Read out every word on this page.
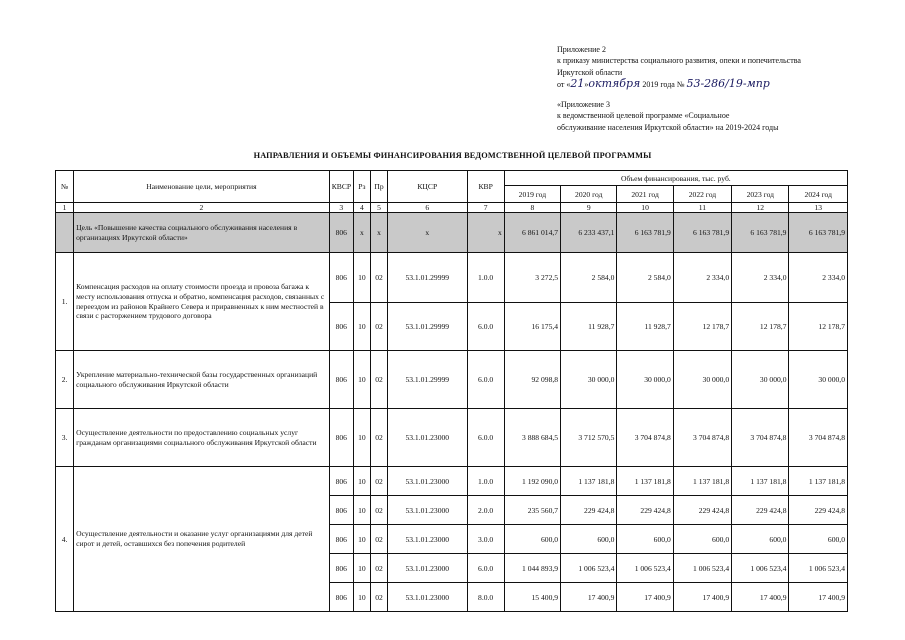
Приложение 2
к приказу министерства социального развития, опеки и попечительства
Иркутской области
от «21»октября 2019 года № 53-286/19-мпр
«Приложение 3
к ведомственной целевой программе «Социальное
обслуживание населения Иркутской области» на 2019-2024 годы
НАПРАВЛЕНИЯ И ОБЪЕМЫ ФИНАНСИРОВАНИЯ ВЕДОМСТВЕННОЙ ЦЕЛЕВОЙ ПРОГРАММЫ
№	Наименование цели, мероприятия	КВСР	Рз	Пр	КЦСР	КВР	Объем финансирования, тыс. руб.					
							2019 год	2020 год	2021 год	2022 год	2023 год	2024 год
1	2	3	4	5	6	7	8	9	10	11	12	13
	Цель «Повышение качества социального обслуживания населения в организациях Иркутской области»	806	х	х	х	х	6 861 014,7	6 233 437,1	6 163 781,9	6 163 781,9	6 163 781,9	6 163 781,9
1.	Компенсация расходов на оплату стоимости проезда и провоза багажа к месту использования отпуска и обратно, компенсация расходов, связанных с переездом из районов Крайнего Севера и приравненных к ним местностей в связи с расторжением трудового договора	806	10	02	53.1.01.29999	1.0.0	3 272,5	2 584,0	2 584,0	2 334,0	2 334,0	2 334,0
		806	10	02	53.1.01.29999	6.0.0	16 175,4	11 928,7	11 928,7	12 178,7	12 178,7	12 178,7
2.	Укрепление материально-технической базы государственных организаций социального обслуживания Иркутской области	806	10	02	53.1.01.29999	6.0.0	92 098,8	30 000,0	30 000,0	30 000,0	30 000,0	30 000,0
3.	Осуществление деятельности по предоставлению социальных услуг гражданам организациями социального обслуживания Иркутской области	806	10	02	53.1.01.23000	6.0.0	3 888 684,5	3 712 570,5	3 704 874,8	3 704 874,8	3 704 874,8	3 704 874,8
4.	Осуществление деятельности и оказание услуг организациями для детей сирот и детей, оставшихся без попечения родителей	806	10	02	53.1.01.23000	1.0.0	1 192 090,0	1 137 181,8	1 137 181,8	1 137 181,8	1 137 181,8	1 137 181,8
		806	10	02	53.1.01.23000	2.0.0	235 560,7	229 424,8	229 424,8	229 424,8	229 424,8	229 424,8
		806	10	02	53.1.01.23000	3.0.0	600,0	600,0	600,0	600,0	600,0	600,0
		806	10	02	53.1.01.23000	6.0.0	1 044 893,9	1 006 523,4	1 006 523,4	1 006 523,4	1 006 523,4	1 006 523,4
		806	10	02	53.1.01.23000	8.0.0	15 400,9	17 400,9	17 400,9	17 400,9	17 400,9	17 400,9
